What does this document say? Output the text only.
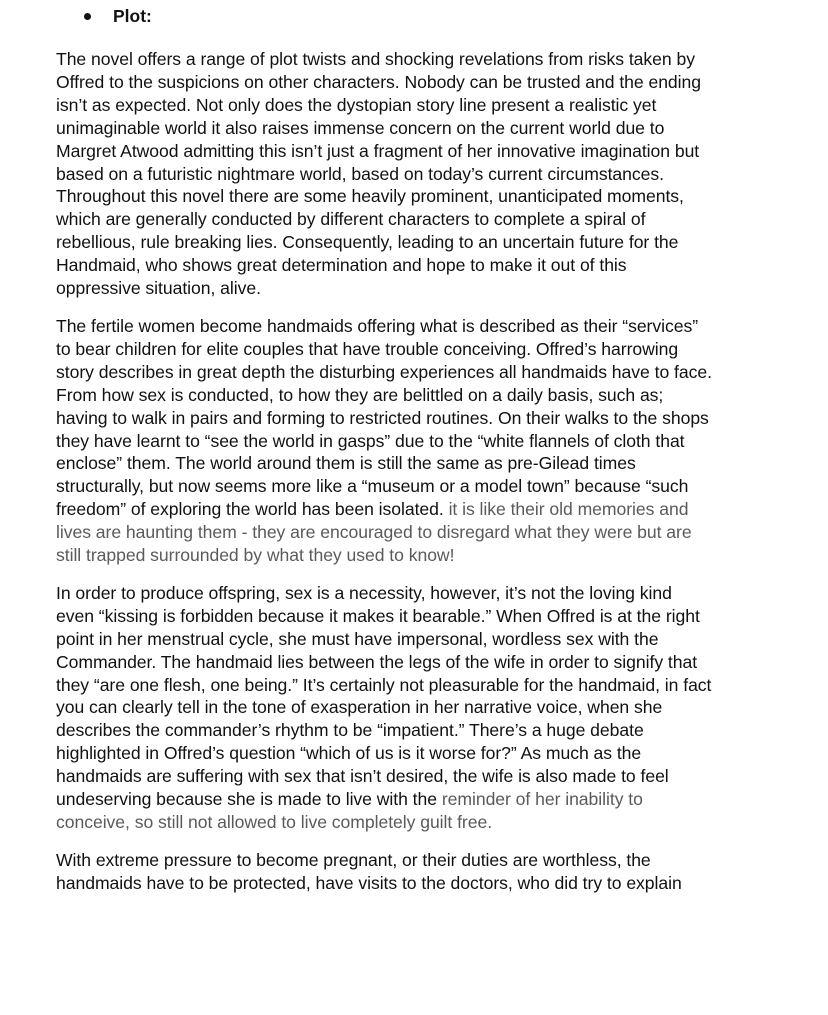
Plot:

The novel offers a range of plot twists and shocking revelations from risks taken by
Offred to the suspicions on other characters. Nobody can be trusted and the ending
isn’t as expected. Not only does the dystopian story line present a realistic yet
unimaginable world it also raises immense concern on the current world due to
Margret Atwood admitting this isn’t just a fragment of her innovative imagination but
based on a futuristic nightmare world, based on today’s current circumstances.
Throughout this novel there are some heavily prominent, unanticipated moments,
which are generally conducted by different characters to complete a spiral of
rebellious, rule breaking lies. Consequently, leading to an uncertain future for the
Handmaid, who shows great determination and hope to make it out of this
oppressive situation, alive.

The fertile women become handmaids offering what is described as their “services”
to bear children for elite couples that have trouble conceiving. Offred’s harrowing
story describes in great depth the disturbing experiences all handmaids have to face.
From how sex is conducted, to how they are belittled on a daily basis, such as;
having to walk in pairs and forming to restricted routines. On their walks to the shops
they have learnt to “see the world in gasps” due to the “white flannels of cloth that
enclose” them. The world around them is still the same as pre-Gilead times
structurally, but now seems more like a “museum or a model town” because “such
freedom” of exploring the world has been isolated. it is like their old memories and
lives are haunting them - they are encouraged to disregard what they were but are
still trapped surrounded by what they used to know!

In order to produce offspring, sex is a necessity, however, it’s not the loving kind
even “kissing is forbidden because it makes it bearable.” When Offred is at the right
point in her menstrual cycle, she must have impersonal, wordless sex with the
Commander. The handmaid lies between the legs of the wife in order to signify that
they “are one flesh, one being.” It’s certainly not pleasurable for the handmaid, in fact
you can clearly tell in the tone of exasperation in her narrative voice, when she
describes the commander’s rhythm to be “impatient.” There’s a huge debate
highlighted in Offred’s question “which of us is it worse for?” As much as the
handmaids are suffering with sex that isn’t desired, the wife is also made to feel
undeserving because she is made to live with the reminder of her inability to
conceive, so still not allowed to live completely guilt free.

With extreme pressure to become pregnant, or their duties are worthless, the
handmaids have to be protected, have visits to the doctors, who did try to explain
